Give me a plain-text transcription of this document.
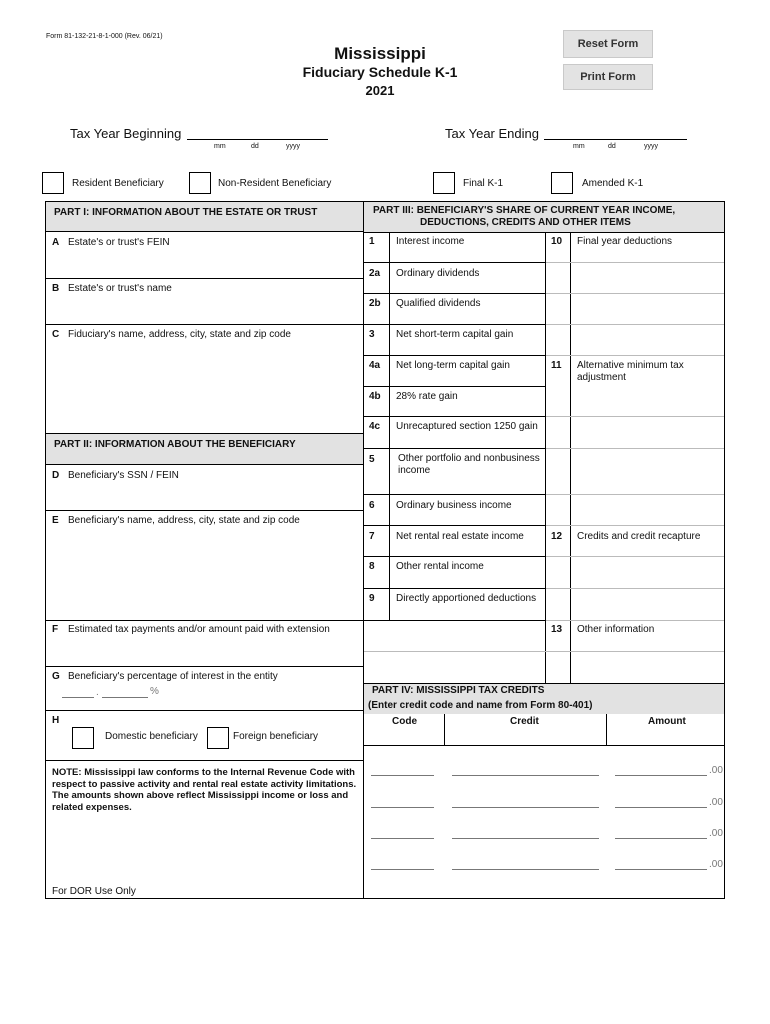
Form 81-132-21-8-1-000 (Rev. 06/21)
Mississippi
Fiduciary Schedule K-1
2021
Reset Form
Print Form
Tax Year Beginning
mm	dd	yyyy
Tax Year Ending
mm	dd	yyyy
Resident Beneficiary	Non-Resident Beneficiary	Final K-1	Amended K-1
PART I: INFORMATION ABOUT THE ESTATE OR TRUST
A Estate's or trust's FEIN
B Estate's or trust's name
C Fiduciary's name, address, city, state and zip code
PART II: INFORMATION ABOUT THE BENEFICIARY
D Beneficiary's SSN / FEIN
E Beneficiary's name, address, city, state and zip code
F Estimated tax payments and/or amount paid with extension
G Beneficiary's percentage of interest in the entity
.	%
H
Domestic beneficiary	Foreign beneficiary
NOTE: Mississippi law conforms to the Internal Revenue Code with respect to passive activity and rental real estate activity limitations. The amounts shown above reflect Mississippi income or loss and related expenses.
For DOR Use Only
PART III: BENEFICIARY'S SHARE OF CURRENT YEAR INCOME,
DEDUCTIONS, CREDITS AND OTHER ITEMS
1 Interest income
2a Ordinary dividends
2b Qualified dividends
3 Net short-term capital gain
4a Net long-term capital gain
4b 28% rate gain
4c Unrecaptured section 1250 gain
5 Other portfolio and nonbusiness income
6 Ordinary business income
7 Net rental real estate income
8 Other rental income
9 Directly apportioned deductions
10 Final year deductions
11 Alternative minimum tax adjustment
12 Credits and credit recapture
13 Other information
PART IV: MISSISSIPPI TAX CREDITS
(Enter credit code and name from Form 80-401)
Code	Credit	Amount
.00
.00
.00
.00
